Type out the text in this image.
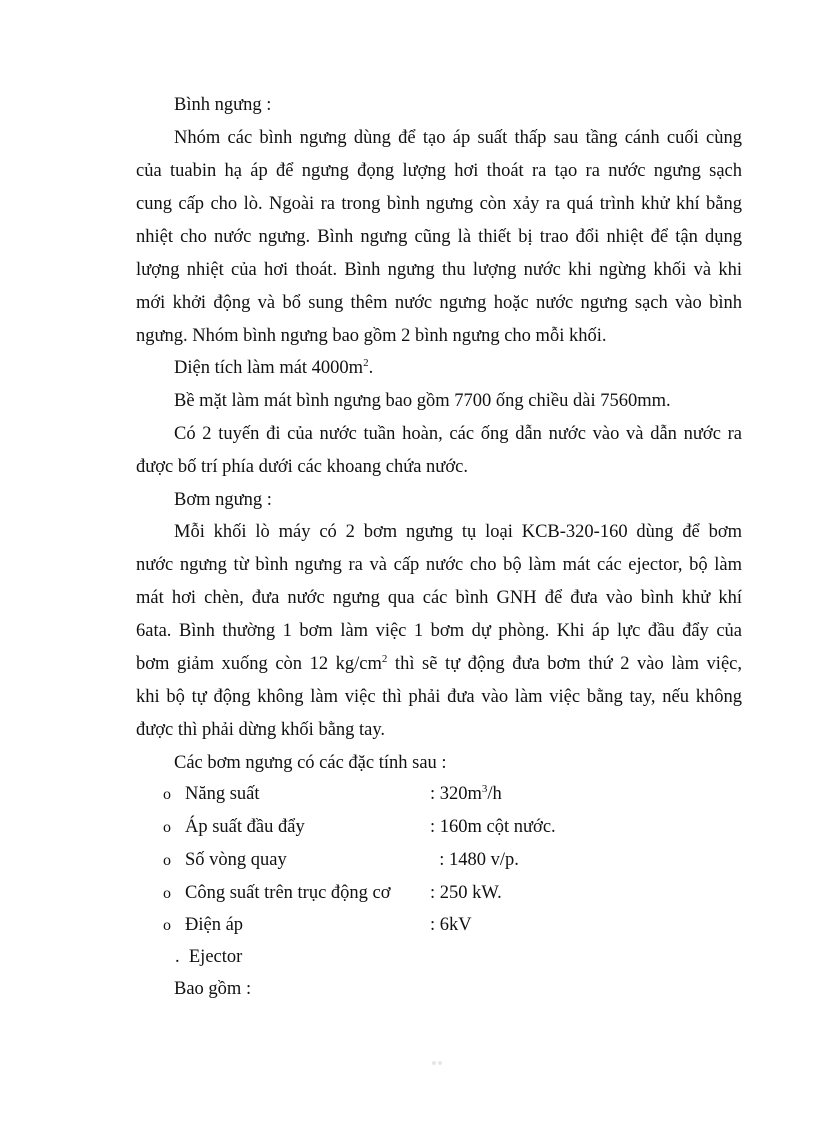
Bình ngưng :
Nhóm các bình ngưng dùng để tạo áp suất thấp sau tầng cánh cuối cùng
của tuabin hạ áp để ngưng đọng lượng hơi thoát ra tạo ra nước ngưng sạch
cung cấp cho lò. Ngoài ra trong bình ngưng còn xảy ra quá trình khử khí bằng
nhiệt cho nước ngưng. Bình ngưng cũng là thiết bị trao đổi nhiệt để tận dụng
lượng nhiệt của hơi thoát. Bình ngưng thu lượng nước khi ngừng khối và khi
mới khởi động và bổ sung thêm nước ngưng hoặc nước ngưng sạch vào bình
ngưng. Nhóm bình ngưng bao gồm 2 bình ngưng cho mỗi khối.
Diện tích làm mát $4000m^2$.
Bề mặt làm mát bình ngưng bao gồm 7700 ống chiều dài 7560mm.
Có 2 tuyến đi của nước tuần hoàn, các ống dẫn nước vào và dẫn nước ra
được bố trí phía dưới các khoang chứa nước.
Bơm ngưng :
Mỗi khối lò máy có 2 bơm ngưng tụ loại KCB-320-160 dùng để bơm
nước ngưng từ bình ngưng ra và cấp nước cho bộ làm mát các ejector, bộ làm
mát hơi chèn, đưa nước ngưng qua các bình GNH để đưa vào bình khử khí
6ata. Bình thường 1 bơm làm việc 1 bơm dự phòng. Khi áp lực đầu đẩy của
bơm giảm xuống còn 12 $kg/cm^2$ thì sẽ tự động đưa bơm thứ 2 vào làm việc,
khi bộ tự động không làm việc thì phải đưa vào làm việc bằng tay, nếu không
được thì phải dừng khối bằng tay.
Các bơm ngưng có các đặc tính sau :
o Năng suất	: $320m^3/h$
o Áp suất đầu đẩy	: 160m cột nước.
o Số vòng quay	: 1480 v/p.
o Công suất trên trục động cơ : 250 kW.
o Điện áp	: 6kV
.  Ejector
Bao gồm :
